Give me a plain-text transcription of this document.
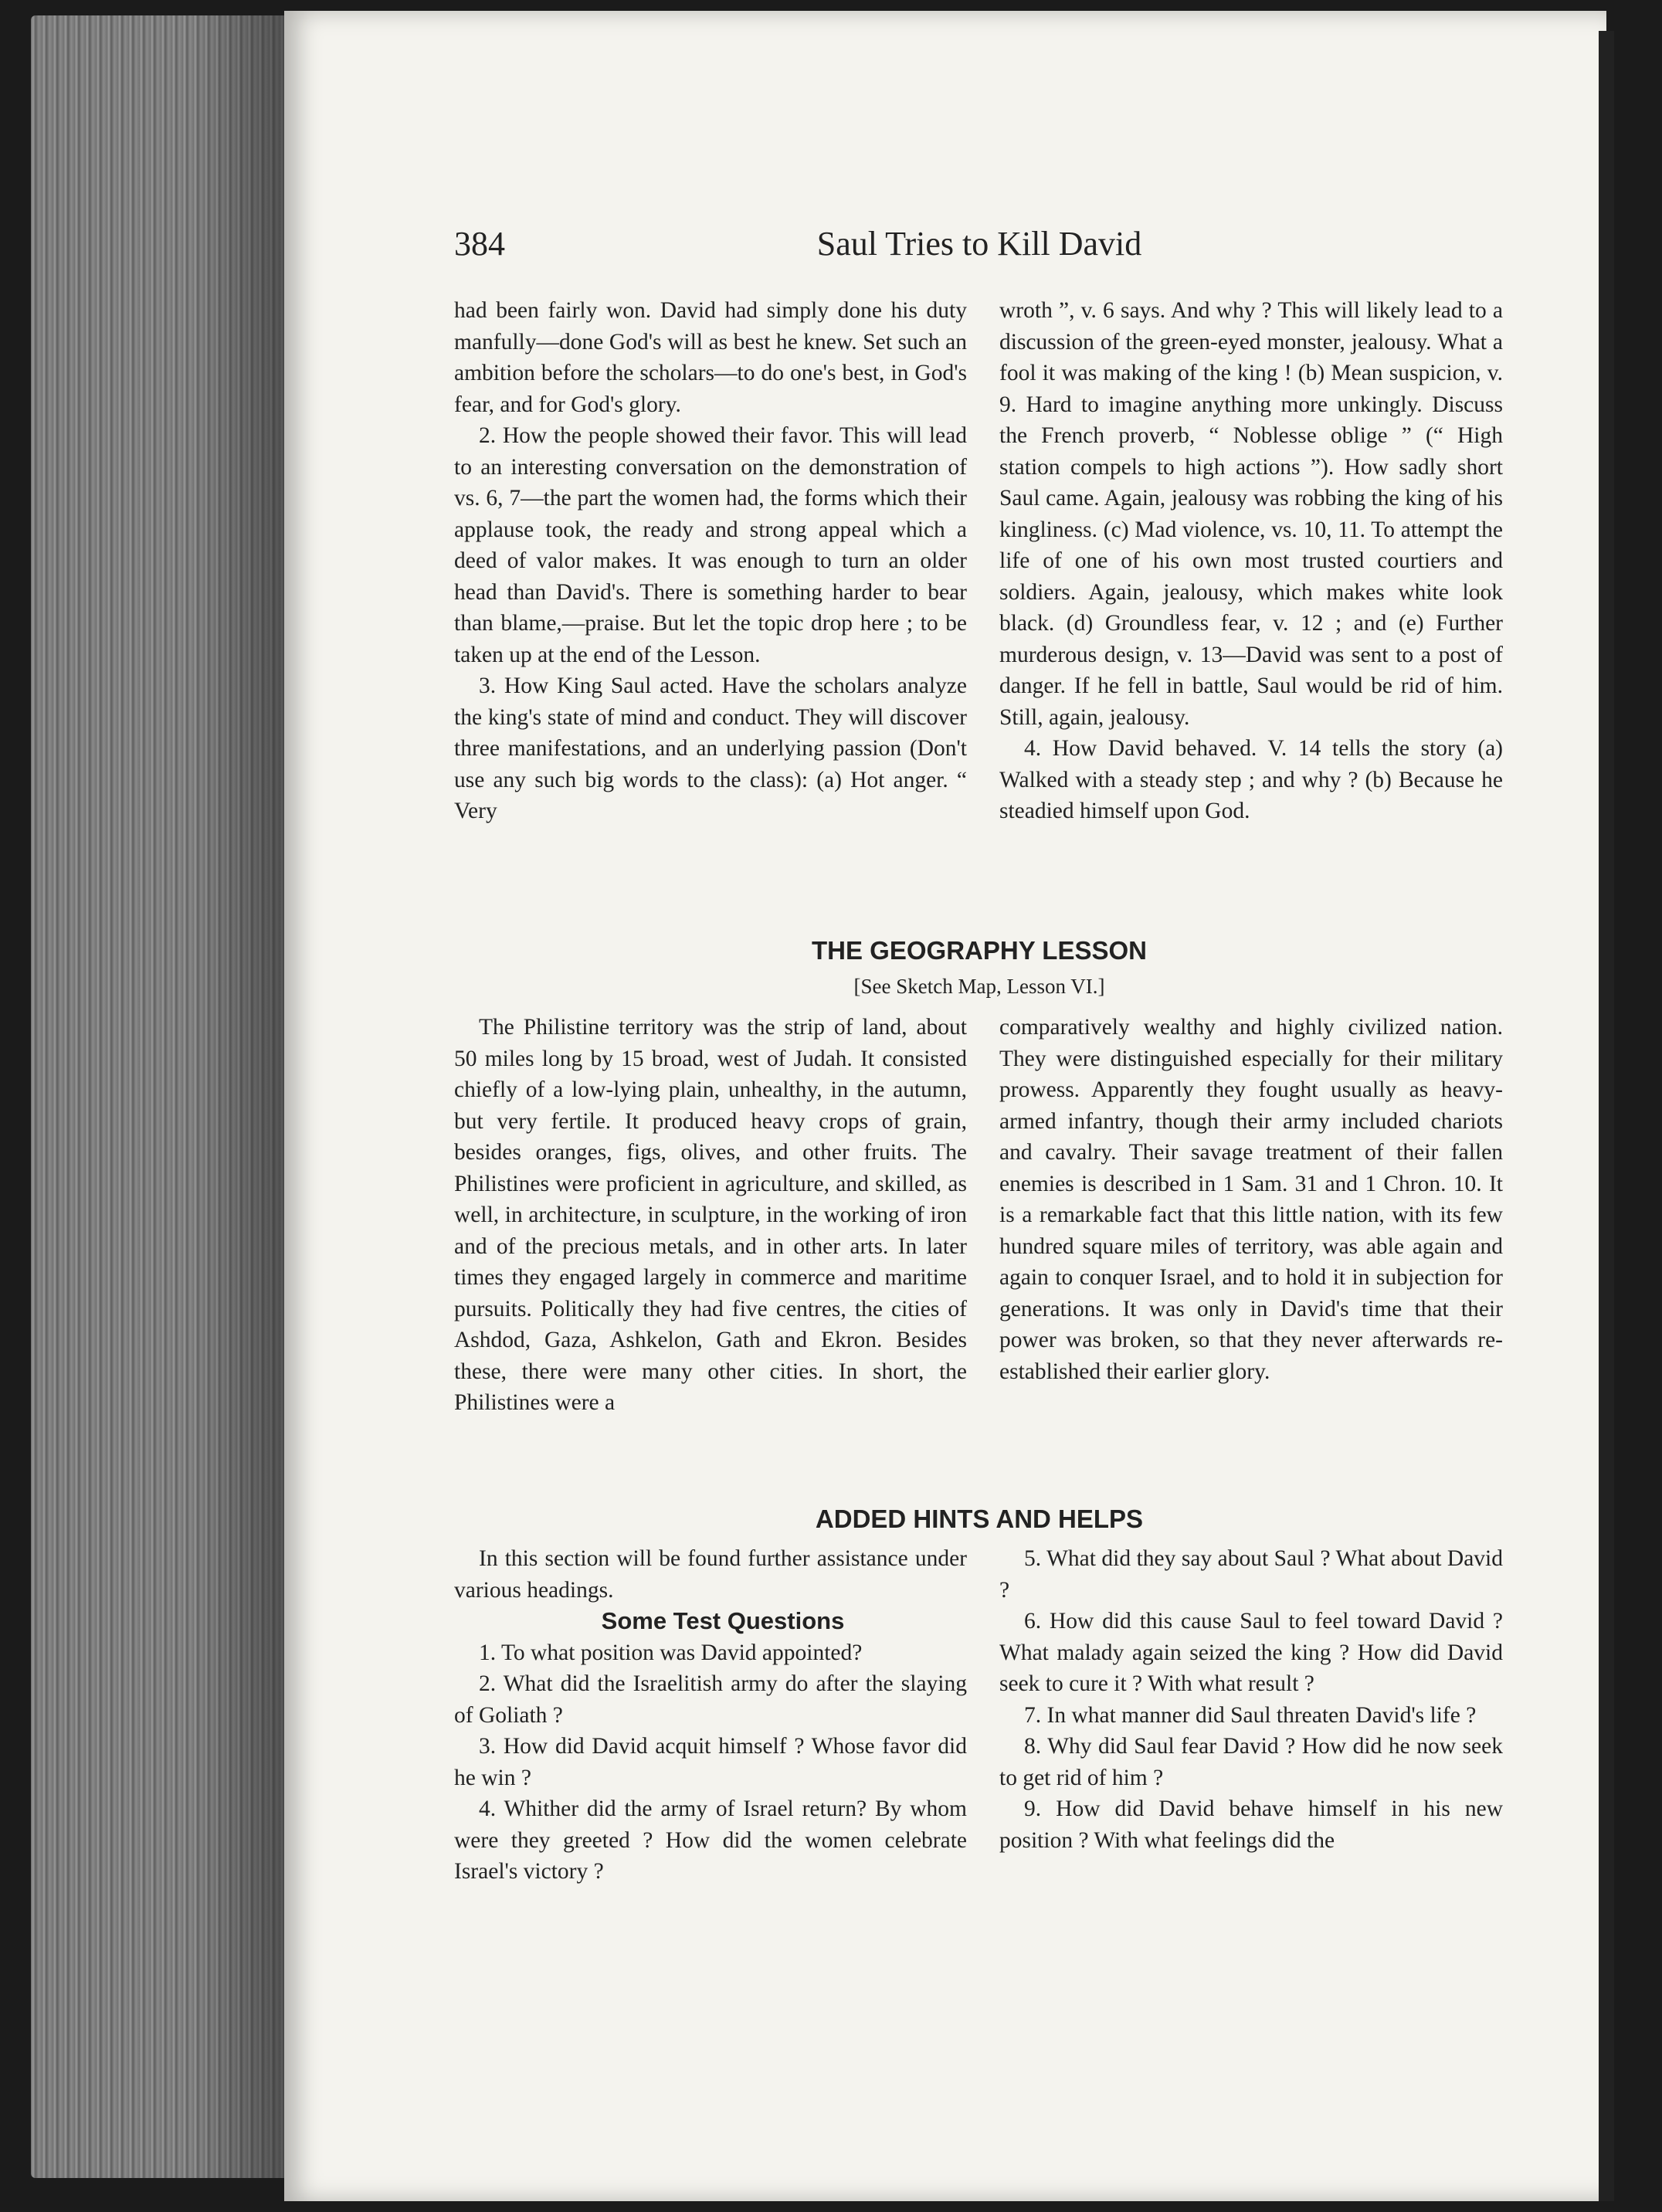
384	Saul Tries to Kill David

had been fairly won. David had simply done his duty manfully—done God's will as best he knew. Set such an ambition before the scholars—to do one's best, in God's fear, and for God's glory.

2. How the people showed their favor. This will lead to an interesting conversation on the demonstration of vs. 6, 7—the part the women had, the forms which their applause took, the ready and strong appeal which a deed of valor makes. It was enough to turn an older head than David's. There is something harder to bear than blame,—praise. But let the topic drop here ; to be taken up at the end of the Lesson.

3. How King Saul acted. Have the scholars analyze the king's state of mind and conduct. They will discover three manifestations, and an underlying passion (Don't use any such big words to the class): (a) Hot anger. “ Very

wroth ”, v. 6 says. And why ? This will likely lead to a discussion of the green-eyed monster, jealousy. What a fool it was making of the king ! (b) Mean suspicion, v. 9. Hard to imagine anything more unkingly. Discuss the French proverb, “ Noblesse oblige ” (“ High station compels to high actions ”). How sadly short Saul came. Again, jealousy was robbing the king of his kingliness. (c) Mad violence, vs. 10, 11. To attempt the life of one of his own most trusted courtiers and soldiers. Again, jealousy, which makes white look black. (d) Groundless fear, v. 12 ; and (e) Further murderous design, v. 13—David was sent to a post of danger. If he fell in battle, Saul would be rid of him. Still, again, jealousy.

4. How David behaved. V. 14 tells the story (a) Walked with a steady step ; and why ? (b) Because he steadied himself upon God.

THE GEOGRAPHY LESSON
[See Sketch Map, Lesson VI.]

The Philistine territory was the strip of land, about 50 miles long by 15 broad, west of Judah. It consisted chiefly of a low-lying plain, unhealthy, in the autumn, but very fertile. It produced heavy crops of grain, besides oranges, figs, olives, and other fruits. The Philistines were proficient in agriculture, and skilled, as well, in architecture, in sculpture, in the working of iron and of the precious metals, and in other arts. In later times they engaged largely in commerce and maritime pursuits. Politically they had five centres, the cities of Ashdod, Gaza, Ashkelon, Gath and Ekron. Besides these, there were many other cities. In short, the Philistines were a

comparatively wealthy and highly civilized nation. They were distinguished especially for their military prowess. Apparently they fought usually as heavy-armed infantry, though their army included chariots and cavalry. Their savage treatment of their fallen enemies is described in 1 Sam. 31 and 1 Chron. 10. It is a remarkable fact that this little nation, with its few hundred square miles of territory, was able again and again to conquer Israel, and to hold it in subjection for generations. It was only in David's time that their power was broken, so that they never afterwards re-established their earlier glory.

ADDED HINTS AND HELPS

In this section will be found further assistance under various headings.

Some Test Questions

1. To what position was David appointed?

2. What did the Israelitish army do after the slaying of Goliath ?

3. How did David acquit himself ? Whose favor did he win ?

4. Whither did the army of Israel return? By whom were they greeted ? How did the women celebrate Israel's victory ?

5. What did they say about Saul ? What about David ?

6. How did this cause Saul to feel toward David ? What malady again seized the king ? How did David seek to cure it ? With what result ?

7. In what manner did Saul threaten David's life ?

8. Why did Saul fear David ? How did he now seek to get rid of him ?

9. How did David behave himself in his new position ? With what feelings did the
